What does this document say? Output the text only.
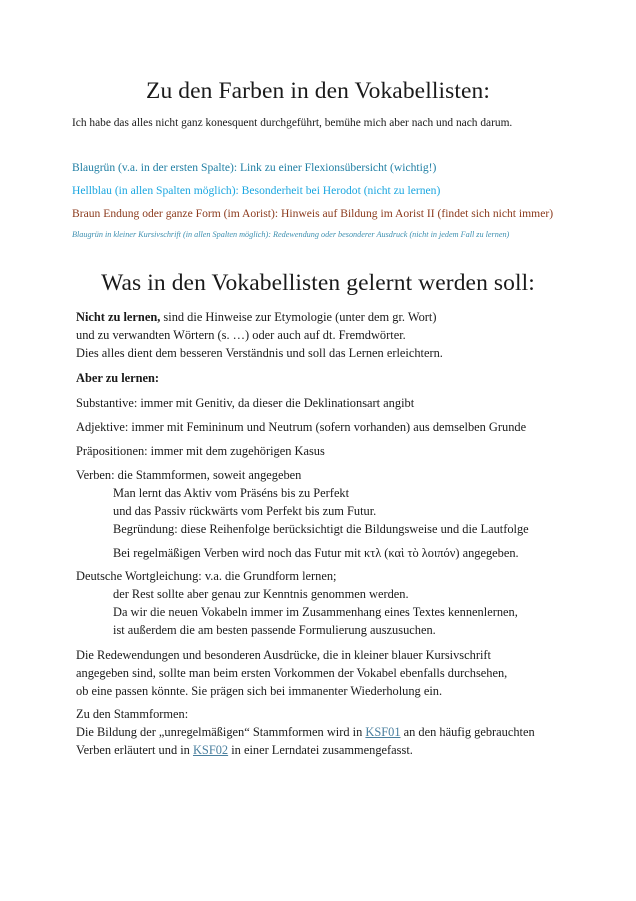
Zu den Farben in den Vokabellisten:
Ich habe das alles nicht ganz konesquent durchgeführt, bemühe mich aber nach und nach darum.
Blaugrün (v.a. in der ersten Spalte): Link zu einer Flexionsübersicht (wichtig!)
Hellblau (in allen Spalten möglich): Besonderheit bei Herodot (nicht zu lernen)
Braun Endung oder ganze Form (im Aorist): Hinweis auf Bildung im Aorist II (findet sich nicht immer)
Blaugrün in kleiner Kursivschrift (in allen Spalten möglich): Redewendung oder besonderer Ausdruck (nicht in jedem Fall zu lernen)
Was in den Vokabellisten gelernt werden soll:
Nicht zu lernen, sind die Hinweise zur Etymologie (unter dem gr. Wort)
und zu verwandten Wörtern (s. …) oder auch auf dt. Fremdwörter.
Dies alles dient dem besseren Verständnis und soll das Lernen erleichtern.
Aber zu lernen:
Substantive: immer mit Genitiv, da dieser die Deklinationsart angibt
Adjektive: immer mit Femininum und Neutrum (sofern vorhanden) aus demselben Grunde
Präpositionen: immer mit dem zugehörigen Kasus
Verben: die Stammformen, soweit angegeben
Man lernt das Aktiv vom Präséns bis zu Perfekt
und das Passiv rückwärts vom Perfekt bis zum Futur.
Begründung: diese Reihenfolge berücksichtigt die Bildungsweise und die Lautfolge
Bei regelmäßigen Verben wird noch das Futur mit κτλ (καὶ τὸ λοιπόν) angegeben.
Deutsche Wortgleichung: v.a. die Grundform lernen;
der Rest sollte aber genau zur Kenntnis genommen werden.
Da wir die neuen Vokabeln immer im Zusammenhang eines Textes kennenlernen,
ist außerdem die am besten passende Formulierung auszusuchen.
Die Redewendungen und besonderen Ausdrücke, die in kleiner blauer Kursivschrift
angegeben sind, sollte man beim ersten Vorkommen der Vokabel ebenfalls durchsehen,
ob eine passen könnte. Sie prägen sich bei immanenter Wiederholung ein.
Zu den Stammformen:
Die Bildung der „unregelmäßigen“ Stammformen wird in KSF01 an den häufig gebrauchten
Verben erläutert und in KSF02 in einer Lerndatei zusammengefasst.
